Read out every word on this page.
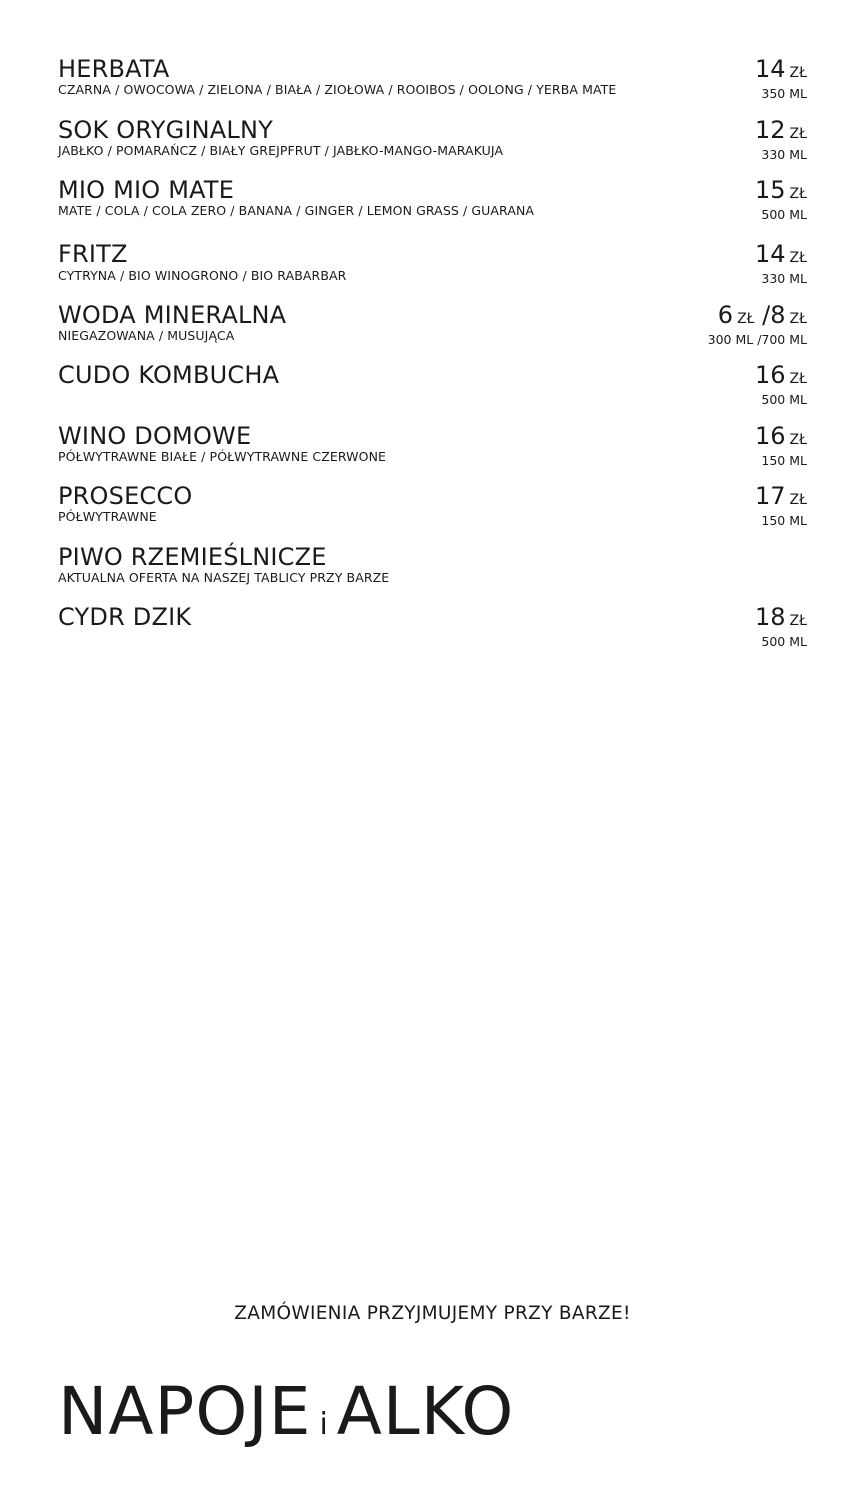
HERBATA
CZARNA / OWOCOWA / ZIELONA / BIAŁA / ZIOŁOWA / ROOIBOS / OOLONG / YERBA MATE
14 ZŁ
350 ML
SOK ORYGINALNY
JABŁKO / POMARAŃCZ / BIAŁY GREJPFRUT / JABŁKO-MANGO-MARAKUJA
12 ZŁ
330 ML
MIO MIO MATE
MATE / COLA / COLA ZERO / BANANA / GINGER / LEMON GRASS / GUARANA
15 ZŁ
500 ML
FRITZ
CYTRYNA / BIO WINOGRONO / BIO RABARBAR
14 ZŁ
330 ML
WODA MINERALNA
NIEGAZOWANA / MUSUJĄCA
6 ZŁ /8 ZŁ
300 ML /700 ML
CUDO KOMBUCHA	16 ZŁ
500 ML
WINO DOMOWE
PÓŁWYTRAWNE BIAŁE / PÓŁWYTRAWNE CZERWONE
16 ZŁ
150 ML
PROSECCO
PÓŁWYTRAWNE
17 ZŁ
150 ML
PIWO RZEMIEŚLNICZE
AKTUALNA OFERTA NA NASZEJ TABLICY PRZY BARZE
CYDR DZIK	18 ZŁ
500 ML
ZAMÓWIENIA PRZYJMUJEMY PRZY BARZE!
NAPOJE i ALKO
